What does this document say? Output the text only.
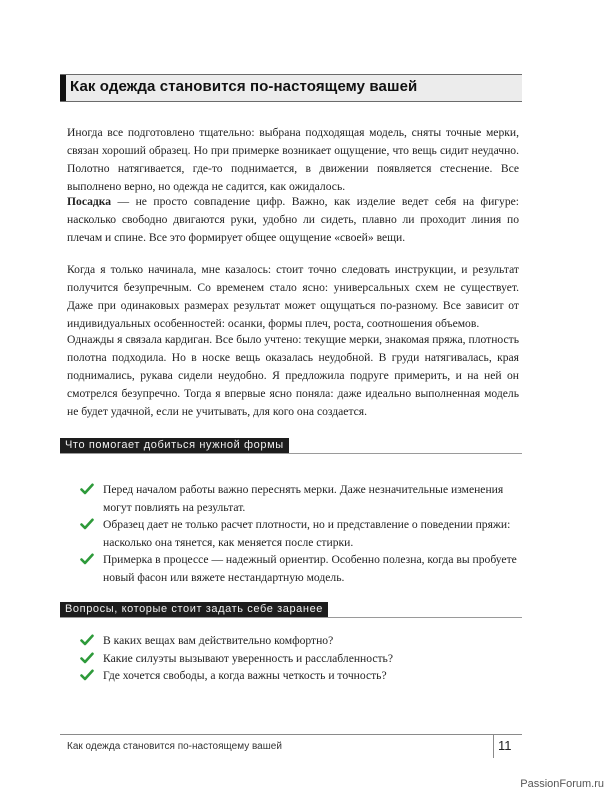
Как одежда становится по-настоящему вашей

Иногда все подготовлено тщательно: выбрана подходящая модель, сняты точные мерки, связан хороший образец. Но при примерке возникает ощущение, что вещь сидит неудачно. Полотно натягивается, где-то поднимается, в движении появляется стеснение. Все выполнено верно, но одежда не садится, как ожидалось.

Посадка — не просто совпадение цифр. Важно, как изделие ведет себя на фигуре: насколько свободно двигаются руки, удобно ли сидеть, плавно ли проходит линия по плечам и спине. Все это формирует общее ощущение «своей» вещи.

Когда я только начинала, мне казалось: стоит точно следовать инструкции, и результат получится безупречным. Со временем стало ясно: универсальных схем не существует. Даже при одинаковых размерах результат может ощущаться по-разному. Все зависит от индивидуальных особенностей: осанки, формы плеч, роста, соотношения объемов.

Однажды я связала кардиган. Все было учтено: текущие мерки, знакомая пряжа, плотность полотна подходила. Но в носке вещь оказалась неудобной. В груди натягивалась, края поднимались, рукава сидели неудобно. Я предложила подруге примерить, и на ней он смотрелся безупречно. Тогда я впервые ясно поняла: даже идеально выполненная модель не будет удачной, если не учитывать, для кого она создается.

Что помогает добиться нужной формы
Перед началом работы важно переснять мерки. Даже незначительные изменения могут повлиять на результат.
Образец дает не только расчет плотности, но и представление о поведении пряжи: насколько она тянется, как меняется после стирки.
Примерка в процессе — надежный ориентир. Особенно полезна, когда вы пробуете новый фасон или вяжете нестандартную модель.
Вопросы, которые стоит задать себе заранее
В каких вещах вам действительно комфортно?
Какие силуэты вызывают уверенность и расслабленность?
Где хочется свободы, а когда важны четкость и точность?
Как одежда становится по-настоящему вашей	11
PassionForum.ru
